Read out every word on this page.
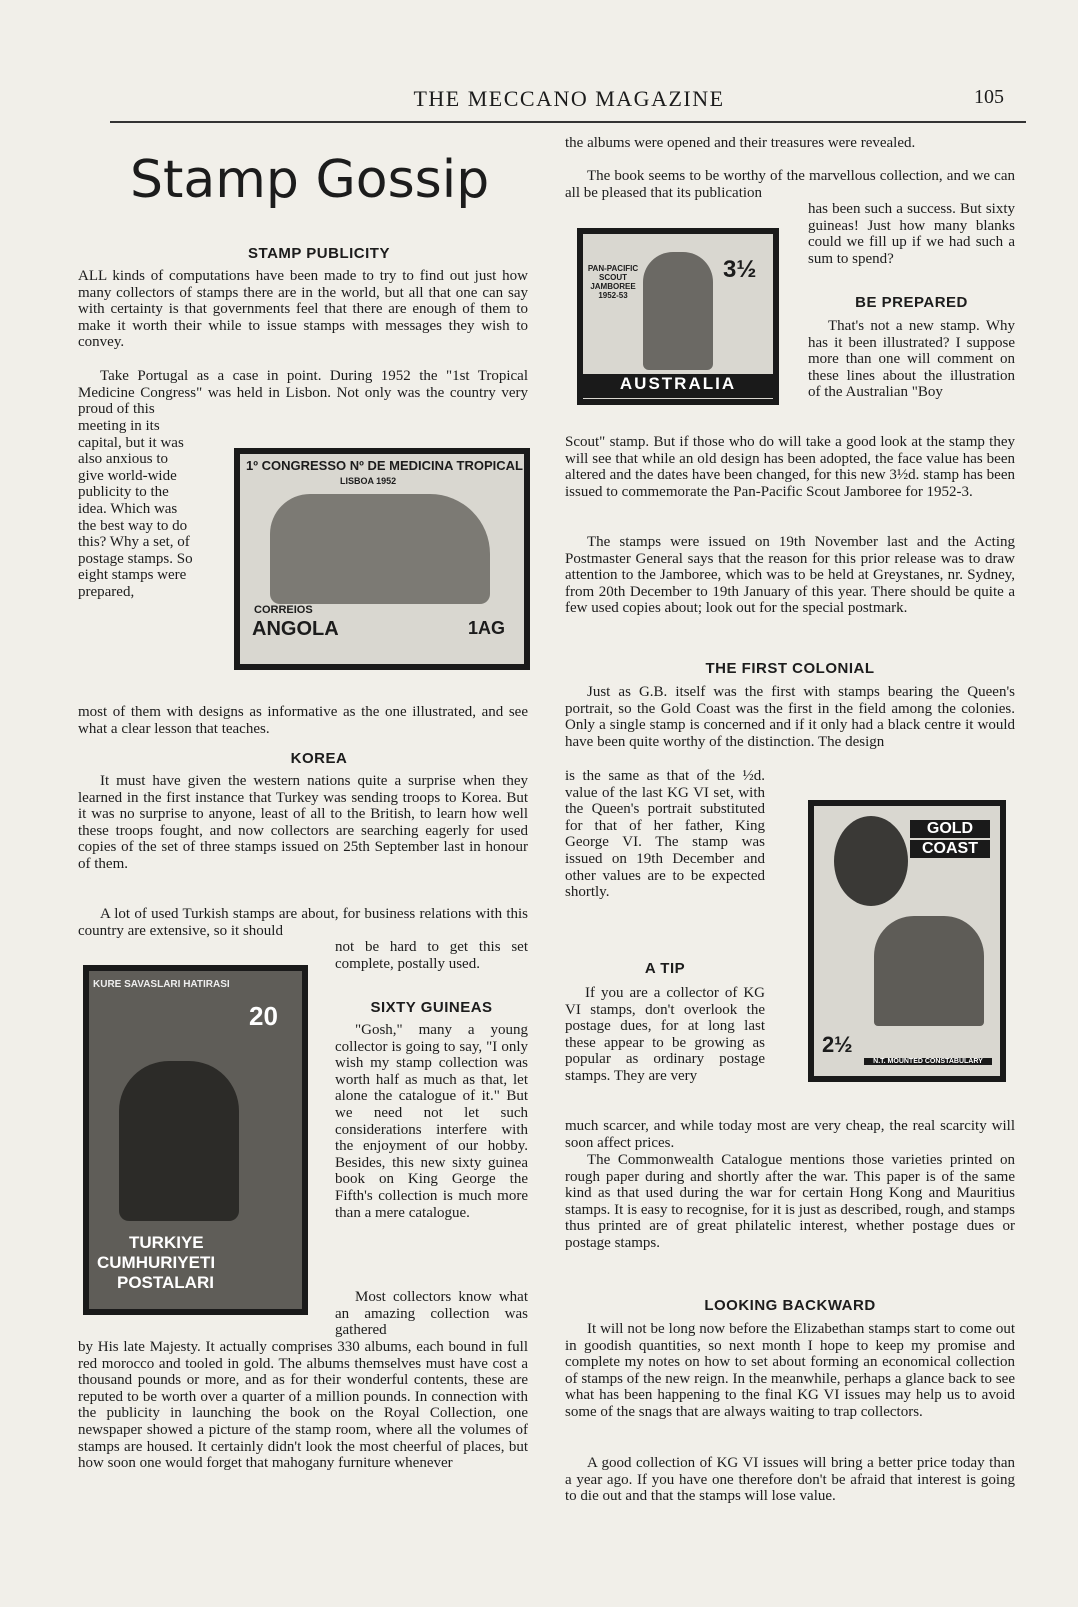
THE MECCANO MAGAZINE	105
Stamp Gossip
STAMP PUBLICITY

ALL kinds of computations have been made to try to find out just how many collectors of stamps there are in the world, but all that one can say with certainty is that governments feel that there are enough of them to make it worth their while to issue stamps with messages they wish to convey.

Take Portugal as a case in point. During 1952 the "1st Tropical Medicine Congress" was held in Lisbon. Not only was the country very proud of this

meeting in its capital, but it was also anxious to give world-wide publicity to the idea. Which was the best way to do this? Why a set, of postage stamps. So eight stamps were prepared,

1º CONGRESSO Nº DE MEDICINA TROPICAL
LISBOA 1952
CORREIOS
ANGOLA	1AG

most of them with designs as informative as the one illustrated, and see what a clear lesson that teaches.

KOREA

It must have given the western nations quite a surprise when they learned in the first instance that Turkey was sending troops to Korea. But it was no surprise to anyone, least of all to the British, to learn how well these troops fought, and now collectors are searching eagerly for used copies of the set of three stamps issued on 25th September last in honour of them.

A lot of used Turkish stamps are about, for business relations with this country are extensive, so it should

not be hard to get this set complete, postally used.

KURE SAVASLARI HATIRASI
20
TURKIYE
CUMHURIYETI
POSTALARI
SIXTY GUINEAS

"Gosh," many a young collector is going to say, "I only wish my stamp collection was worth half as much as that, let alone the catalogue of it." But we need not let such considerations interfere with the enjoyment of our hobby. Besides, this new sixty guinea book on King George the Fifth's collection is much more than a mere catalogue.

Most collectors know what an amazing collection was gathered

by His late Majesty. It actually comprises 330 albums, each bound in full red morocco and tooled in gold. The albums themselves must have cost a thousand pounds or more, and as for their wonderful contents, these are reputed to be worth over a quarter of a million pounds. In connection with the publicity in launching the book on the Royal Collection, one newspaper showed a picture of the stamp room, where all the volumes of stamps are housed. It certainly didn't look the most cheerful of places, but how soon one would forget that mahogany furniture whenever

the albums were opened and their treasures were revealed.

The book seems to be worthy of the marvellous collection, and we can all be pleased that its publication

has been such a success. But sixty guineas! Just how many blanks could we fill up if we had such a sum to spend?

PAN-PACIFIC SCOUT JAMBOREE 1952-53
3½
AUSTRALIA
BE PREPARED

That's not a new stamp. Why has it been illustrated? I suppose more than one will comment on these lines about the illustration of the Australian "Boy

Scout" stamp. But if those who do will take a good look at the stamp they will see that while an old design has been adopted, the face value has been altered and the dates have been changed, for this new 3½d. stamp has been issued to commemorate the Pan-Pacific Scout Jamboree for 1952-3.

The stamps were issued on 19th November last and the Acting Postmaster General says that the reason for this prior release was to draw attention to the Jamboree, which was to be held at Greystanes, nr. Sydney, from 20th December to 19th January of this year. There should be quite a few used copies about; look out for the special postmark.

THE FIRST COLONIAL

Just as G.B. itself was the first with stamps bearing the Queen's portrait, so the Gold Coast was the first in the field among the colonies. Only a single stamp is concerned and if it only had a black centre it would have been quite worthy of the distinction. The design

is the same as that of the ½d. value of the last KG VI set, with the Queen's portrait substituted for that of her father, King George VI. The stamp was issued on 19th December and other values are to be expected shortly.

GOLD
COAST
2½
N.T. MOUNTED CONSTABULARY
A TIP

If you are a collector of KG VI stamps, don't overlook the postage dues, for at long last these appear to be growing as popular as ordinary postage stamps. They are very

much scarcer, and while today most are very cheap, the real scarcity will soon affect prices.

The Commonwealth Catalogue mentions those varieties printed on rough paper during and shortly after the war. This paper is of the same kind as that used during the war for certain Hong Kong and Mauritius stamps. It is easy to recognise, for it is just as described, rough, and stamps thus printed are of great philatelic interest, whether postage dues or postage stamps.

LOOKING BACKWARD

It will not be long now before the Elizabethan stamps start to come out in goodish quantities, so next month I hope to keep my promise and complete my notes on how to set about forming an economical collection of stamps of the new reign. In the meanwhile, perhaps a glance back to see what has been happening to the final KG VI issues may help us to avoid some of the snags that are always waiting to trap collectors.

A good collection of KG VI issues will bring a better price today than a year ago. If you have one therefore don't be afraid that interest is going to die out and that the stamps will lose value.
